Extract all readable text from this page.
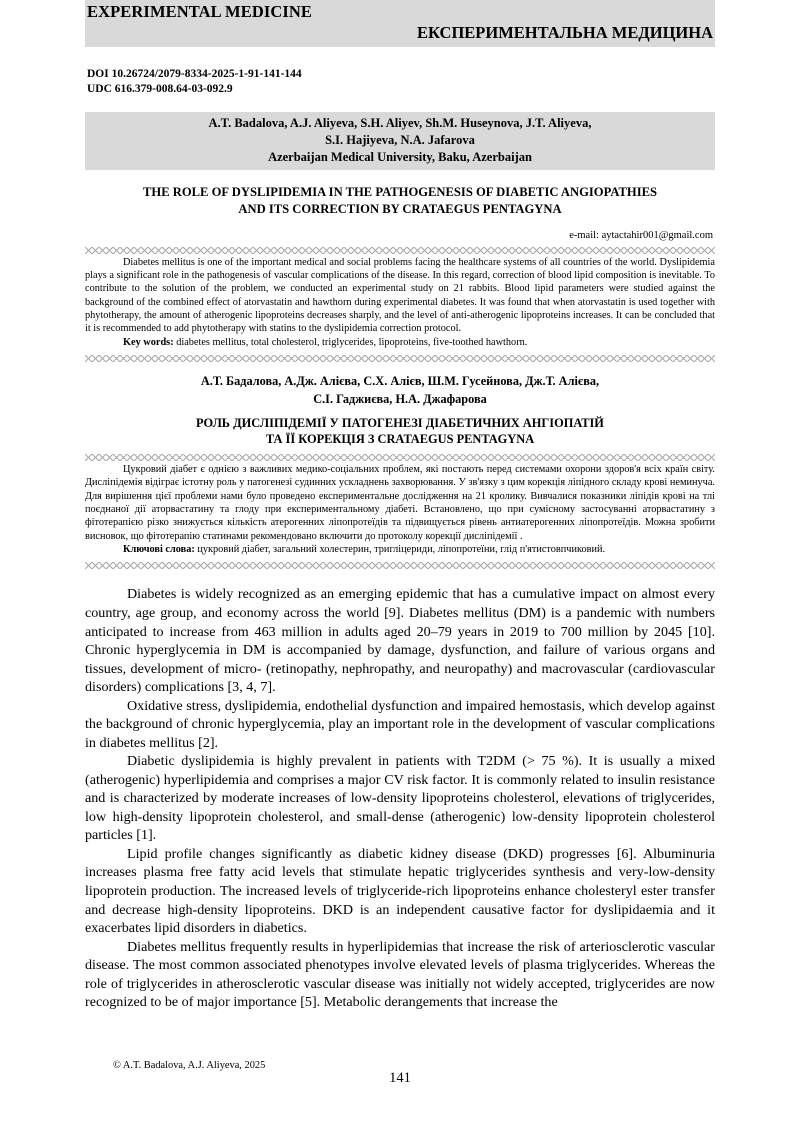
EXPERIMENTAL MEDICINE
ЕКСПЕРИМЕНТАЛЬНА МЕДИЦИНА
DOI 10.26724/2079-8334-2025-1-91-141-144
UDC 616.379-008.64-03-092.9
A.T. Badalova, A.J. Aliyeva, S.H. Aliyev, Sh.M. Huseynova, J.T. Aliyeva,
S.I. Hajiyeva, N.A. Jafarova
Azerbaijan Medical University, Baku, Azerbaijan
THE ROLE OF DYSLIPIDEMIA IN THE PATHOGENESIS OF DIABETIC ANGIOPATHIES
AND ITS CORRECTION BY CRATAEGUS PENTAGYNA
e-mail: aytactahir001@gmail.com

Diabetes mellitus is one of the important medical and social problems facing the healthcare systems of all countries of the world. Dyslipidemia plays a significant role in the pathogenesis of vascular complications of the disease. In this regard, correction of blood lipid composition is inevitable. To contribute to the solution of the problem, we conducted an experimental study on 21 rabbits. Blood lipid parameters were studied against the background of the combined effect of atorvastatin and hawthorn during experimental diabetes. It was found that when atorvastatin is used together with phytotherapy, the amount of atherogenic lipoproteins decreases sharply, and the level of anti-atherogenic lipoproteins increases. It can be concluded that it is recommended to add phytotherapy with statins to the dyslipidemia correction protocol.

Key words: diabetes mellitus, total cholesterol, triglycerides, lipoproteins, five-toothed hawthorn.

А.Т. Бадалова, А.Дж. Алієва, С.Х. Алієв, Ш.М. Гусейнова, Дж.Т. Алієва,
С.І. Гаджиєва, Н.А. Джафарова
РОЛЬ ДИСЛІПІДЕМІЇ У ПАТОГЕНЕЗІ ДІАБЕТИЧНИХ АНГІОПАТІЙ
ТА ЇЇ КОРЕКЦІЯ З CRATAEGUS PENTAGYNA

Цукровий діабет є однією з важливих медико-соціальних проблем, які постають перед системами охорони здоров'я всіх країн світу. Дисліпідемія відіграє істотну роль у патогенезі судинних ускладнень захворювання. У зв'язку з цим корекція ліпідного складу крові неминуча. Для вирішення цієї проблеми нами було проведено експериментальне дослідження на 21 кролику. Вивчалися показники ліпідів крові на тлі поєднаної дії аторвастатину та глоду при експериментальному діабеті. Встановлено, що при сумісному застосуванні аторвастатину з фітотерапією різко знижується кількість атерогенних ліпопротеїдів та підвищується рівень антиатерогенних ліпопротеїдів. Можна зробити висновок, що фітотерапію статинами рекомендовано включити до протоколу корекції дисліпідемії .

Ключові слова: цукровий діабет, загальний холестерин, тригліцериди, ліпопротеїни, глід п'ятистовпчиковий.

Diabetes is widely recognized as an emerging epidemic that has a cumulative impact on almost every country, age group, and economy across the world [9]. Diabetes mellitus (DM) is a pandemic with numbers anticipated to increase from 463 million in adults aged 20–79 years in 2019 to 700 million by 2045 [10]. Chronic hyperglycemia in DM is accompanied by damage, dysfunction, and failure of various organs and tissues, development of micro- (retinopathy, nephropathy, and neuropathy) and macrovascular (cardiovascular disorders) complications [3, 4, 7].

Oxidative stress, dyslipidemia, endothelial dysfunction and impaired hemostasis, which develop against the background of chronic hyperglycemia, play an important role in the development of vascular complications in diabetes mellitus [2].

Diabetic dyslipidemia is highly prevalent in patients with T2DM (> 75 %). It is usually a mixed (atherogenic) hyperlipidemia and comprises a major CV risk factor. It is commonly related to insulin resistance and is characterized by moderate increases of low-density lipoproteins cholesterol, elevations of triglycerides, low high-density lipoprotein cholesterol, and small-dense (atherogenic) low-density lipoprotein cholesterol particles [1].

Lipid profile changes significantly as diabetic kidney disease (DKD) progresses [6]. Albuminuria increases plasma free fatty acid levels that stimulate hepatic triglycerides synthesis and very-low-density lipoprotein production. The increased levels of triglyceride-rich lipoproteins enhance cholesteryl ester transfer and decrease high-density lipoproteins. DKD is an independent causative factor for dyslipidaemia and it exacerbates lipid disorders in diabetics.

Diabetes mellitus frequently results in hyperlipidemias that increase the risk of arteriosclerotic vascular disease. The most common associated phenotypes involve elevated levels of plasma triglycerides. Whereas the role of triglycerides in atherosclerotic vascular disease was initially not widely accepted, triglycerides are now recognized to be of major importance [5]. Metabolic derangements that increase the

© A.T. Badalova, A.J. Aliyeva, 2025
141
